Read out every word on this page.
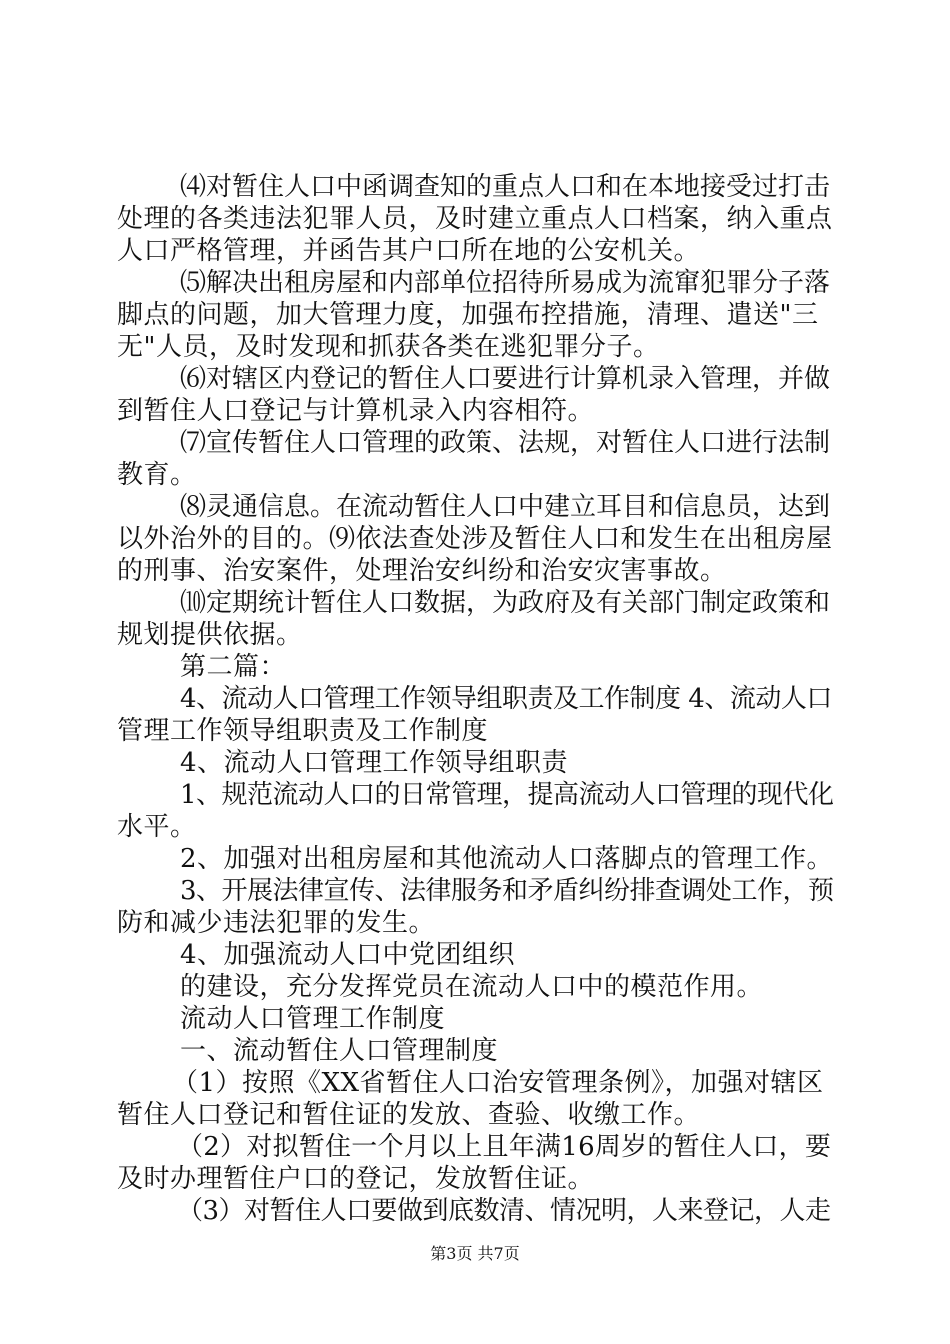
⑷对暂住人口中函调查知的重点人口和在本地接受过打击
处理的各类违法犯罪人员，及时建立重点人口档案，纳入重点
人口严格管理，并函告其户口所在地的公安机关。
⑸解决出租房屋和内部单位招待所易成为流窜犯罪分子落
脚点的问题，加大管理力度，加强布控措施，清理、遣送"三
无"人员，及时发现和抓获各类在逃犯罪分子。
⑹对辖区内登记的暂住人口要进行计算机录入管理，并做
到暂住人口登记与计算机录入内容相符。
⑺宣传暂住人口管理的政策、法规，对暂住人口进行法制
教育。
⑻灵通信息。在流动暂住人口中建立耳目和信息员，达到
以外治外的目的。⑼依法查处涉及暂住人口和发生在出租房屋
的刑事、治安案件，处理治安纠纷和治安灾害事故。
⑽定期统计暂住人口数据，为政府及有关部门制定政策和
规划提供依据。
第二篇：
4、流动人口管理工作领导组职责及工作制度 4、流动人口
管理工作领导组职责及工作制度
4、流动人口管理工作领导组职责
1、规范流动人口的日常管理，提高流动人口管理的现代化
水平。
2、加强对出租房屋和其他流动人口落脚点的管理工作。
3、开展法律宣传、法律服务和矛盾纠纷排查调处工作，预
防和减少违法犯罪的发生。
4、加强流动人口中党团组织
的建设，充分发挥党员在流动人口中的模范作用。
流动人口管理工作制度
一、流动暂住人口管理制度
（1）按照《XX省暂住人口治安管理条例》，加强对辖区
暂住人口登记和暂住证的发放、查验、收缴工作。
（2）对拟暂住一个月以上且年满16周岁的暂住人口，要
及时办理暂住户口的登记，发放暂住证。
（3）对暂住人口要做到底数清、情况明，人来登记，人走
第3页 共7页
